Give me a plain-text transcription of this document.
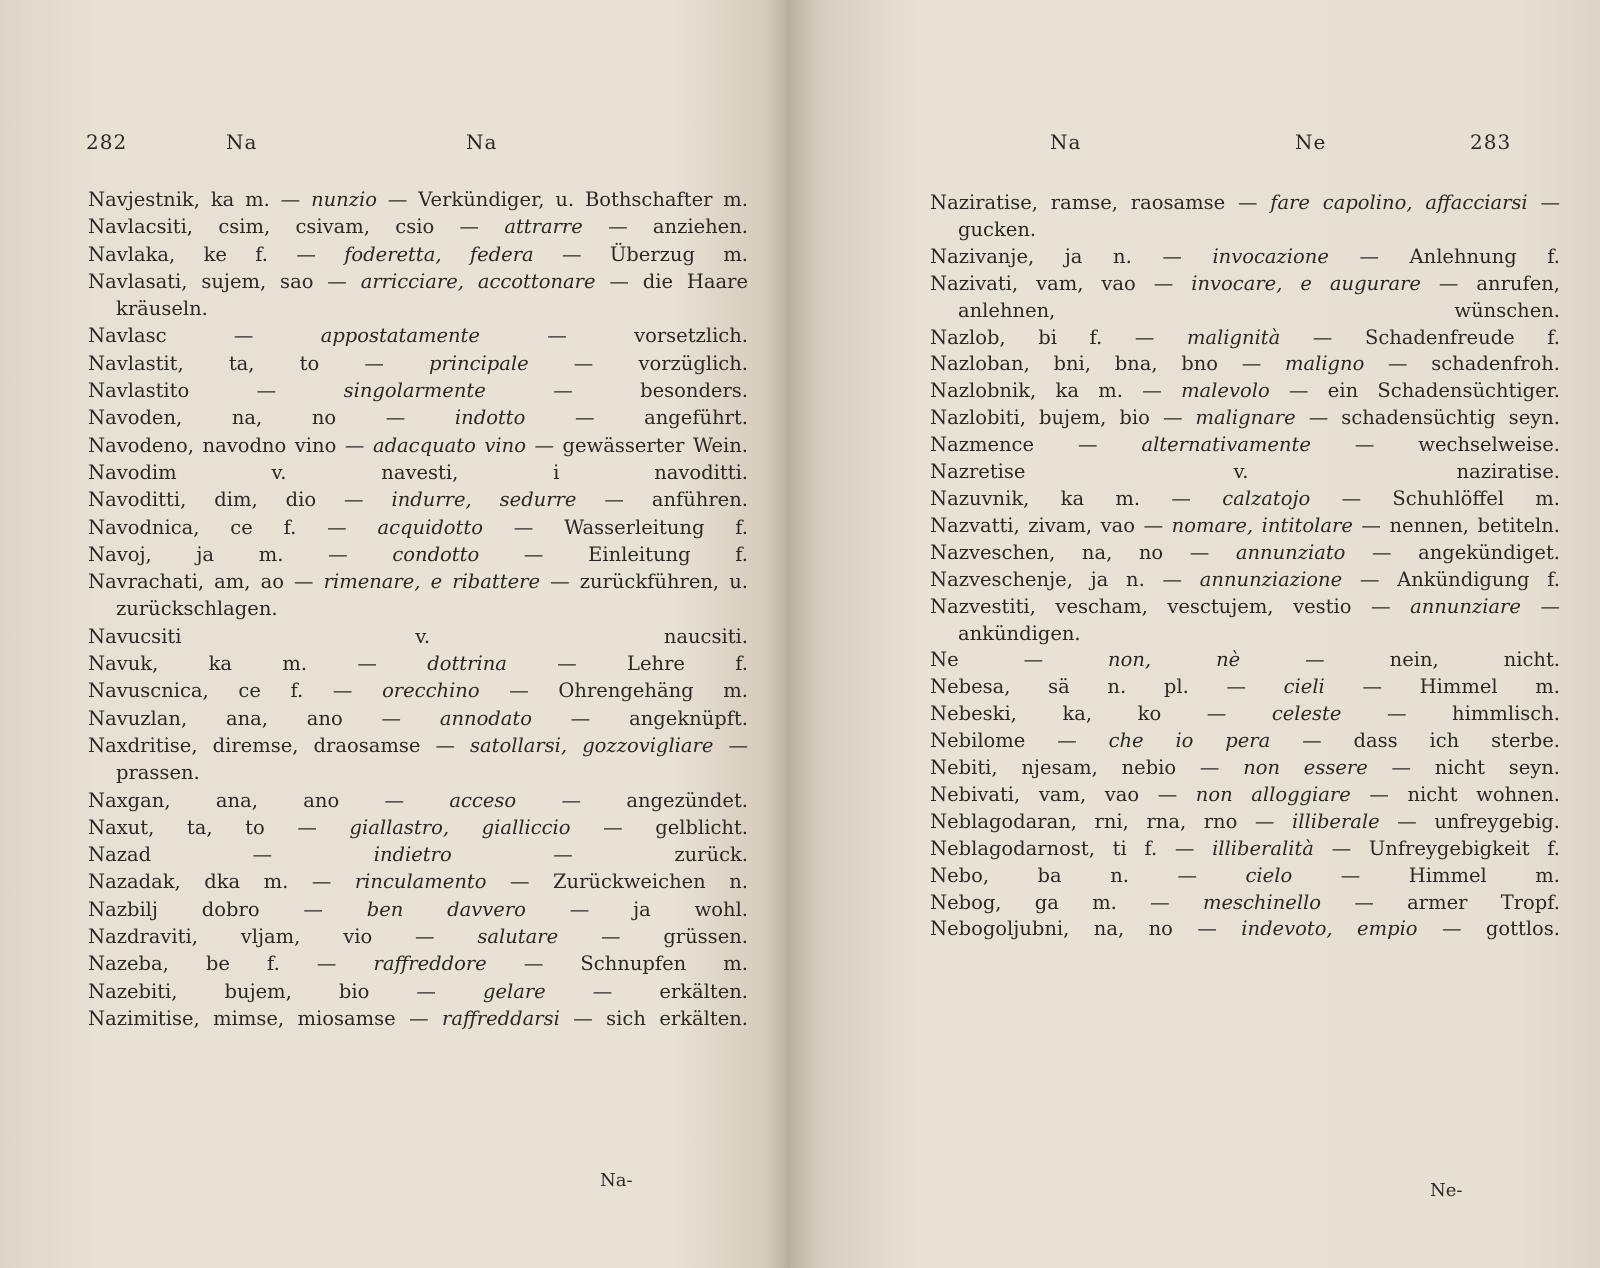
282	Na	Na
Navjestnik, ka m. — nunzio — Verkündiger, u. Bothschafter m.
Navlacsiti, csim, csivam, csio — attrarre — anziehen.
Navlaka, ke f. — foderetta, federa — Überzug m.
Navlasati, sujem, sao — arricciare, accottonare — die Haare kräuseln.
Navlasc — appostatamente — vorsetzlich.
Navlastit, ta, to — principale — vorzüglich.
Navlastito — singolarmente — besonders.
Navoden, na, no — indotto — angeführt.
Navodeno, navodno vino — adacquato vino — gewässerter Wein.
Navodim v. navesti, i navoditti.
Navoditti, dim, dio — indurre, sedurre — anführen.
Navodnica, ce f. — acquidotto — Wasserleitung f.
Navoj, ja m. — condotto — Einleitung f.
Navrachati, am, ao — rimenare, e ribattere — zurückführen, u. zurückschlagen.
Navucsiti v. naucsiti.
Navuk, ka m. — dottrina — Lehre f.
Navuscnica, ce f. — orecchino — Ohrengehäng m.
Navuzlan, ana, ano — annodato — angeknüpft.
Naxdritise, diremse, draosamse — satollarsi, gozzovigliare — prassen.
Naxgan, ana, ano — acceso — angezündet.
Naxut, ta, to — giallastro, gialliccio — gelblicht.
Nazad — indietro — zurück.
Nazadak, dka m. — rinculamento — Zurückweichen n.
Nazbilj dobro — ben davvero — ja wohl.
Nazdraviti, vljam, vio — salutare — grüssen.
Nazeba, be f. — raffreddore — Schnupfen m.
Nazebiti, bujem, bio — gelare — erkälten.
Nazimitise, mimse, miosamse — raffreddarsi — sich erkälten.
Na-
Na	Ne	283
Naziratise, ramse, raosamse — fare capolino, affacciarsi — gucken.
Nazivanje, ja n. — invocazione — Anlehnung f.
Nazivati, vam, vao — invocare, e augurare — anrufen, anlehnen, wünschen.
Nazlob, bi f. — malignità — Schadenfreude f.
Nazloban, bni, bna, bno — maligno — schadenfroh.
Nazlobnik, ka m. — malevolo — ein Schadensüchtiger.
Nazlobiti, bujem, bio — malignare — schadensüchtig seyn.
Nazmence — alternativamente — wechselweise.
Nazretise v. naziratise.
Nazuvnik, ka m. — calzatojo — Schuhlöffel m.
Nazvatti, zivam, vao — nomare, intitolare — nennen, betiteln.
Nazveschen, na, no — annunziato — angekündiget.
Nazveschenje, ja n. — annunziazione — Ankündigung f.
Nazvestiti, vescham, vesctujem, vestio — annunziare — ankündigen.
Ne — non, nè — nein, nicht.
Nebesa, sä n. pl. — cieli — Himmel m.
Nebeski, ka, ko — celeste — himmlisch.
Nebilome — che io pera — dass ich sterbe.
Nebiti, njesam, nebio — non essere — nicht seyn.
Nebivati, vam, vao — non alloggiare — nicht wohnen.
Neblagodaran, rni, rna, rno — illiberale — unfreygebig.
Neblagodarnost, ti f. — illiberalità — Unfreygebigkeit f.
Nebo, ba n. — cielo — Himmel m.
Nebog, ga m. — meschinello — armer Tropf.
Nebogoljubni, na, no — indevoto, empio — gottlos.
Ne-
